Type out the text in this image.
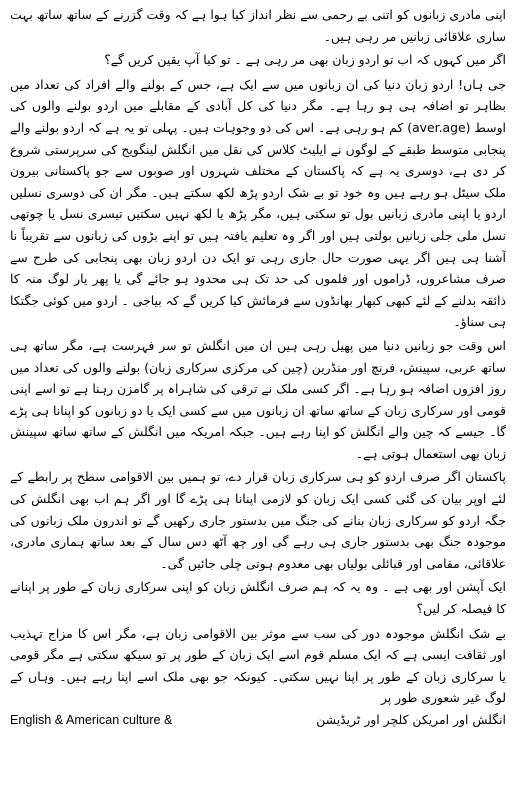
اپنی مادری زبانوں کو اتنی بے رحمی سے نظر انداز کیا ہوا ہے کہ وقت گزرنے کے ساتھ ساتھ بہت ساری علاقائی زبانیں مر رہی ہیں۔

اگر میں کہوں کہ اب تو اردو زبان بھی مر رہی ہے ۔ تو کیا آپ یقین کریں گے؟

جی ہاں! اردو زبان دنیا کی ان زبانوں میں سے ایک ہے، جس کے بولنے والے افراد کی تعداد میں بظاہر تو اضافہ ہی ہو رہا ہے۔ مگر دنیا کی کل آبادی کے مقابلے میں اردو بولنے والوں کی اوسط (aver.age) کم ہو رہی ہے۔ اس کی دو وجوہات ہیں۔ پہلی تو یہ ہے کہ اردو بولنے والے پنجابی متوسط طبقے کے لوگوں نے ایلیٹ کلاس کی نقل میں انگلش لینگویج کی سرپرستی شروع کر دی ہے، دوسری یہ ہے کہ پاکستان کے مختلف شہروں اور صوبوں سے جو پاکستانی بیرون ملک سیٹل ہو رہے ہیں وہ خود تو بے شک اردو پڑھ لکھ سکتے ہیں۔ مگر ان کی دوسری نسلیں اردو یا اپنی مادری زبانیں بول تو سکتی ہیں، مگر پڑھ یا لکھ نہیں سکتیں تیسری نسل یا چوتھی نسل ملی جلی زبانیں بولتی ہیں اور اگر وہ تعلیم یافتہ ہیں تو اپنے بڑوں کی زبانوں سے تقریباً نا آشنا ہی ہیں اگر یہی صورت حال جاری رہی تو ایک دن اردو زبان بھی پنجابی کی طرح سے صرف مشاعروں، ڈراموں اور فلموں کی حد تک ہی محدود ہو جائے گی یا پھر یار لوگ منہ کا ذائقہ بدلنے کے لئے کبھی کبھار بھانڈوں سے فرمائش کیا کریں گے کہ بیاجی ۔ اردو میں کوئی جگتکا ہی سناؤ۔

اس وقت جو زبانیں دنیا میں پھیل رہی ہیں ان میں انگلش تو سر فہرست ہے، مگر ساتھ ہی ساتھ عربی، سپینش، فرنچ اور منڈرین (چین کی مرکزی سرکاری زبان) بولنے والوں کی تعداد میں روز افزوں اضافہ ہو رہا ہے۔ اگر کسی ملک نے ترقی کی شاہراہ پر گامزن رہنا ہے تو اسے اپنی قومی اور سرکاری زبان کے ساتھ ساتھ ان زبانوں میں سے کسی ایک یا دو زبانوں کو اپنانا ہی پڑے گا۔ جیسے کہ چین والے انگلش کو اپنا رہے ہیں۔ جبکہ امریکہ میں انگلش کے ساتھ ساتھ سپینش زبان بھی استعمال ہوتی ہے۔

پاکستان اگر صرف اردو کو ہی سرکاری زبان قرار دے، تو ہمیں بین الاقوامی سطح پر رابطے کے لئے اوپر بیان کی گئی کسی ایک زبان کو لازمی اپنانا ہی پڑے گا اور اگر ہم اب بھی انگلش کی جگہ اردو کو سرکاری زبان بنانے کی جنگ میں بدستور جاری رکھیں گے تو اندرون ملک زبانوں کی موجودہ جنگ بھی بدستور جاری ہی رہے گی اور چھ آٹھ دس سال کے بعد ساتھ ہماری مادری، علاقائی، مقامی اور قبائلی بولیاں بھی معدوم ہوتی چلی جائیں گی۔

ایک آپشن اور بھی ہے ۔ وہ یہ کہ ہم صرف انگلش زبان کو اپنی سرکاری زبان کے طور پر اپنانے کا فیصلہ کر لیں؟

بے شک انگلش موجودہ دور کی سب سے موثر بین الاقوامی زبان ہے، مگر اس کا مزاج تہذیب اور ثقافت ایسی ہے کہ ایک مسلم قوم اسے ایک زبان کے طور پر تو سیکھ سکتی ہے مگر قومی یا سرکاری زبان کے طور پر اپنا نہیں سکتی۔ کیونکہ جو بھی ملک اسے اپنا رہے ہیں۔ وہاں کے لوگ غیر شعوری طور پر

انگلش اور امریکن کلچر اور ٹریڈیشن
English & American culture &
